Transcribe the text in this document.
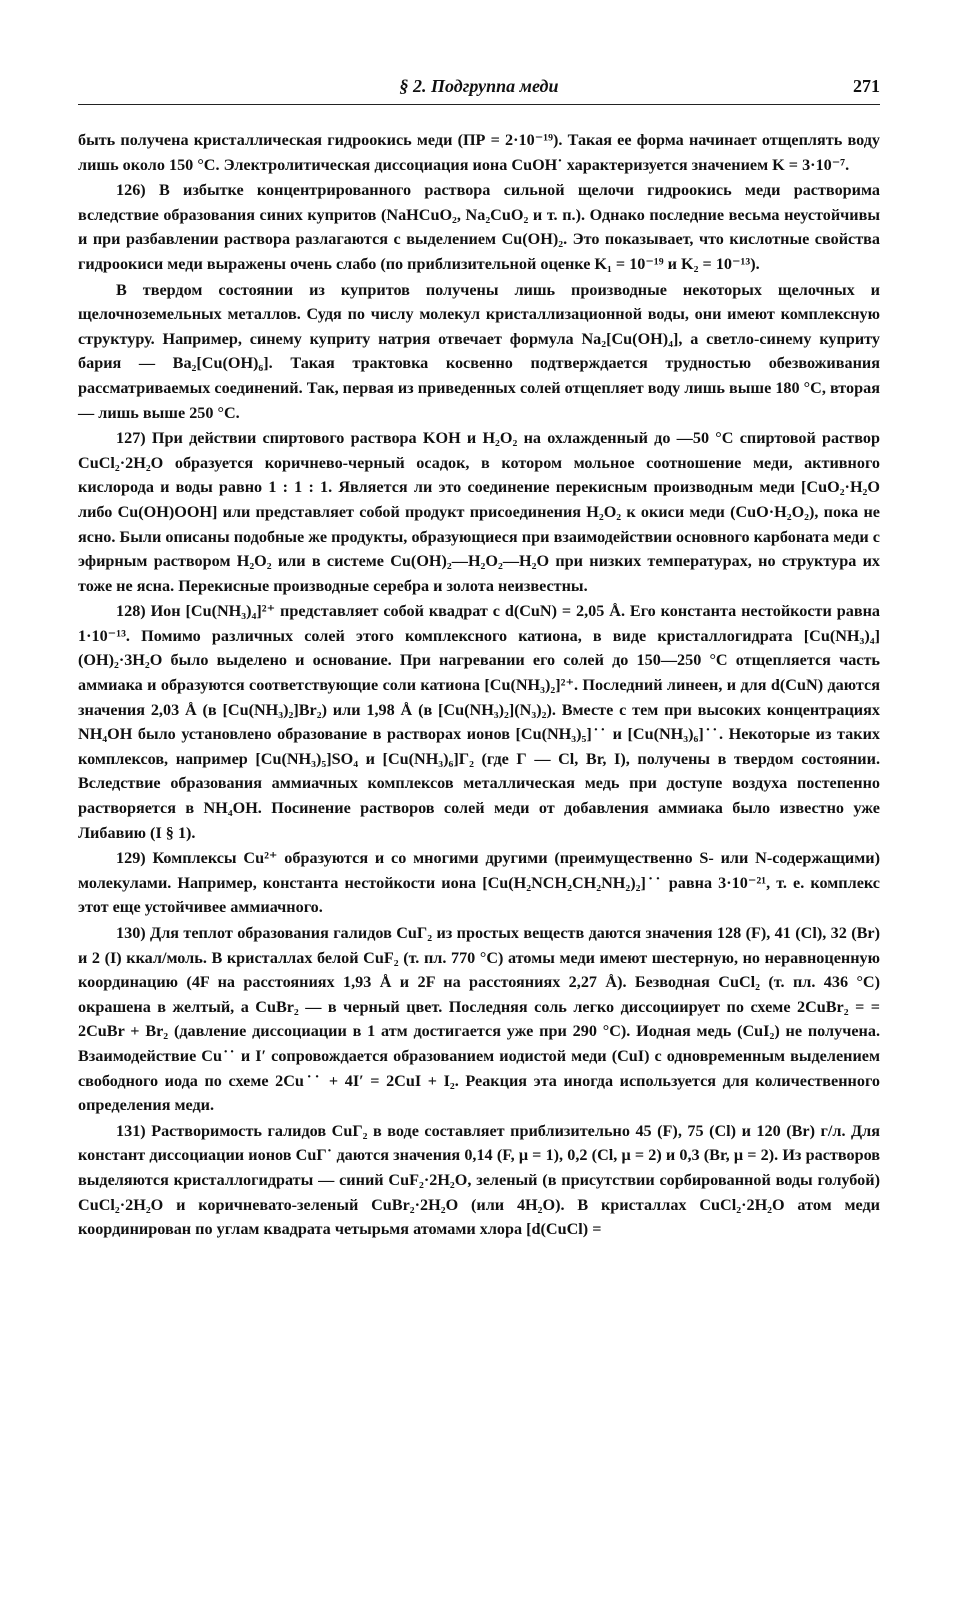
§ 2. Подгруппа меди	271

быть получена кристаллическая гидроокись меди (ПР = 2·10⁻¹⁹). Такая ее форма начинает отщеплять воду лишь около 150 °С. Электролитическая диссоциация иона CuOH˙ характеризуется значением K = 3·10⁻⁷.

126) В избытке концентрированного раствора сильной щелочи гидроокись меди растворима вследствие образования синих купритов (NaHCuO₂, Na₂CuO₂ и т. п.). Однако последние весьма неустойчивы и при разбавлении раствора разлагаются с выделением Cu(OH)₂. Это показывает, что кислотные свойства гидроокиси меди выражены очень слабо (по приблизительной оценке K₁ = 10⁻¹⁹ и K₂ = 10⁻¹³).

В твердом состоянии из купритов получены лишь производные некоторых щелочных и щелочноземельных металлов. Судя по числу молекул кристаллизационной воды, они имеют комплексную структуру. Например, синему куприту натрия отвечает формула Na₂[Cu(OH)₄], а светло-синему куприту бария — Ba₂[Cu(OH)₆]. Такая трактовка косвенно подтверждается трудностью обезвоживания рассматриваемых соединений. Так, первая из приведенных солей отщепляет воду лишь выше 180 °С, вторая — лишь выше 250 °С.

127) При действии спиртового раствора KOH и H₂O₂ на охлажденный до —50 °С спиртовой раствор CuCl₂·2H₂O образуется коричнево-черный осадок, в котором мольное соотношение меди, активного кислорода и воды равно 1 : 1 : 1. Является ли это соединение перекисным производным меди [CuO₂·H₂O либо Cu(OH)OOH] или представляет собой продукт присоединения H₂O₂ к окиси меди (CuO·H₂O₂), пока не ясно. Были описаны подобные же продукты, образующиеся при взаимодействии основного карбоната меди с эфирным раствором H₂O₂ или в системе Cu(OH)₂—H₂O₂—H₂O при низких температурах, но структура их тоже не ясна. Перекисные производные серебра и золота неизвестны.

128) Ион [Cu(NH₃)₄]²⁺ представляет собой квадрат с d(CuN) = 2,05 Å. Его константа нестойкости равна 1·10⁻¹³. Помимо различных солей этого комплексного катиона, в виде кристаллогидрата [Cu(NH₃)₄](OH)₂·3H₂O было выделено и основание. При нагревании его солей до 150—250 °С отщепляется часть аммиака и образуются соответствующие соли катиона [Cu(NH₃)₂]²⁺. Последний линеен, и для d(CuN) даются значения 2,03 Å (в [Cu(NH₃)₂]Br₂) или 1,98 Å (в [Cu(NH₃)₂](N₃)₂). Вместе с тем при высоких концентрациях NH₄OH было установлено образование в растворах ионов [Cu(NH₃)₅]˙˙ и [Cu(NH₃)₆]˙˙. Некоторые из таких комплексов, например [Cu(NH₃)₅]SO₄ и [Cu(NH₃)₆]Г₂ (где Г — Cl, Br, I), получены в твердом состоянии. Вследствие образования аммиачных комплексов металлическая медь при доступе воздуха постепенно растворяется в NH₄OH. Посинение растворов солей меди от добавления аммиака было известно уже Либавию (I § 1).

129) Комплексы Cu²⁺ образуются и со многими другими (преимущественно S- или N-содержащими) молекулами. Например, константа нестойкости иона [Cu(H₂NCH₂CH₂NH₂)₂]˙˙ равна 3·10⁻²¹, т. е. комплекс этот еще устойчивее аммиачного.

130) Для теплот образования галидов CuГ₂ из простых веществ даются значения 128 (F), 41 (Cl), 32 (Br) и 2 (I) ккал/моль. В кристаллах белой CuF₂ (т. пл. 770 °С) атомы меди имеют шестерную, но неравноценную координацию (4F на расстояниях 1,93 Å и 2F на расстояниях 2,27 Å). Безводная CuCl₂ (т. пл. 436 °С) окрашена в желтый, а CuBr₂ — в черный цвет. Последняя соль легко диссоциирует по схеме 2CuBr₂ = = 2CuBr + Br₂ (давление диссоциации в 1 атм достигается уже при 290 °С). Иодная медь (CuI₂) не получена. Взаимодействие Cu˙˙ и I′ сопровождается образованием иодистой меди (CuI) с одновременным выделением свободного иода по схеме 2Cu˙˙ + 4I′ = 2CuI + I₂. Реакция эта иногда используется для количественного определения меди.

131) Растворимость галидов CuГ₂ в воде составляет приблизительно 45 (F), 75 (Cl) и 120 (Br) г/л. Для констант диссоциации ионов CuГ˙ даются значения 0,14 (F, μ = 1), 0,2 (Cl, μ = 2) и 0,3 (Br, μ = 2). Из растворов выделяются кристаллогидраты — синий CuF₂·2H₂O, зеленый (в присутствии сорбированной воды голубой) CuCl₂·2H₂O и коричневато-зеленый CuBr₂·2H₂O (или 4H₂O). В кристаллах CuCl₂·2H₂O атом меди координирован по углам квадрата четырьмя атомами хлора [d(CuCl) =
